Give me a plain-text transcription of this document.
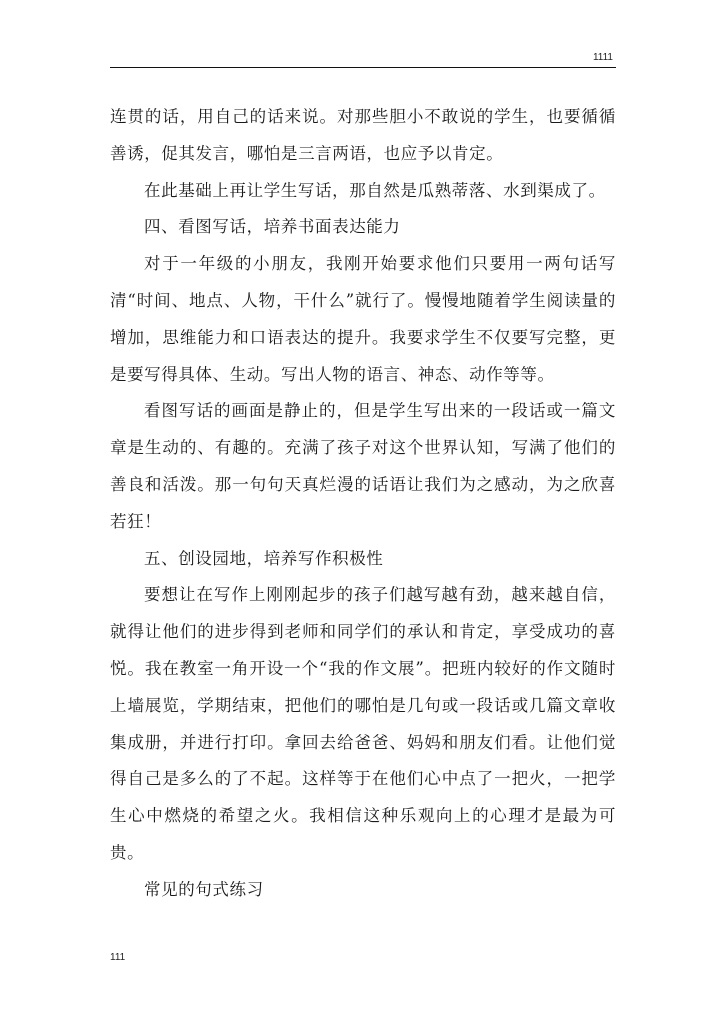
1111

连贯的话，用自己的话来说。对那些胆小不敢说的学生，也要循循善诱，促其发言，哪怕是三言两语，也应予以肯定。

在此基础上再让学生写话，那自然是瓜熟蒂落、水到渠成了。

四、看图写话，培养书面表达能力

对于一年级的小朋友，我刚开始要求他们只要用一两句话写清“时间、地点、人物，干什么”就行了。慢慢地随着学生阅读量的增加，思维能力和口语表达的提升。我要求学生不仅要写完整，更是要写得具体、生动。写出人物的语言、神态、动作等等。

看图写话的画面是静止的，但是学生写出来的一段话或一篇文章是生动的、有趣的。充满了孩子对这个世界认知，写满了他们的善良和活泼。那一句句天真烂漫的话语让我们为之感动，为之欣喜若狂！

五、创设园地，培养写作积极性

要想让在写作上刚刚起步的孩子们越写越有劲，越来越自信，就得让他们的进步得到老师和同学们的承认和肯定，享受成功的喜悦。我在教室一角开设一个“我的作文展”。把班内较好的作文随时上墙展览，学期结束，把他们的哪怕是几句或一段话或几篇文章收集成册，并进行打印。拿回去给爸爸、妈妈和朋友们看。让他们觉得自己是多么的了不起。这样等于在他们心中点了一把火，一把学生心中燃烧的希望之火。我相信这种乐观向上的心理才是最为可贵。

常见的句式练习

111
